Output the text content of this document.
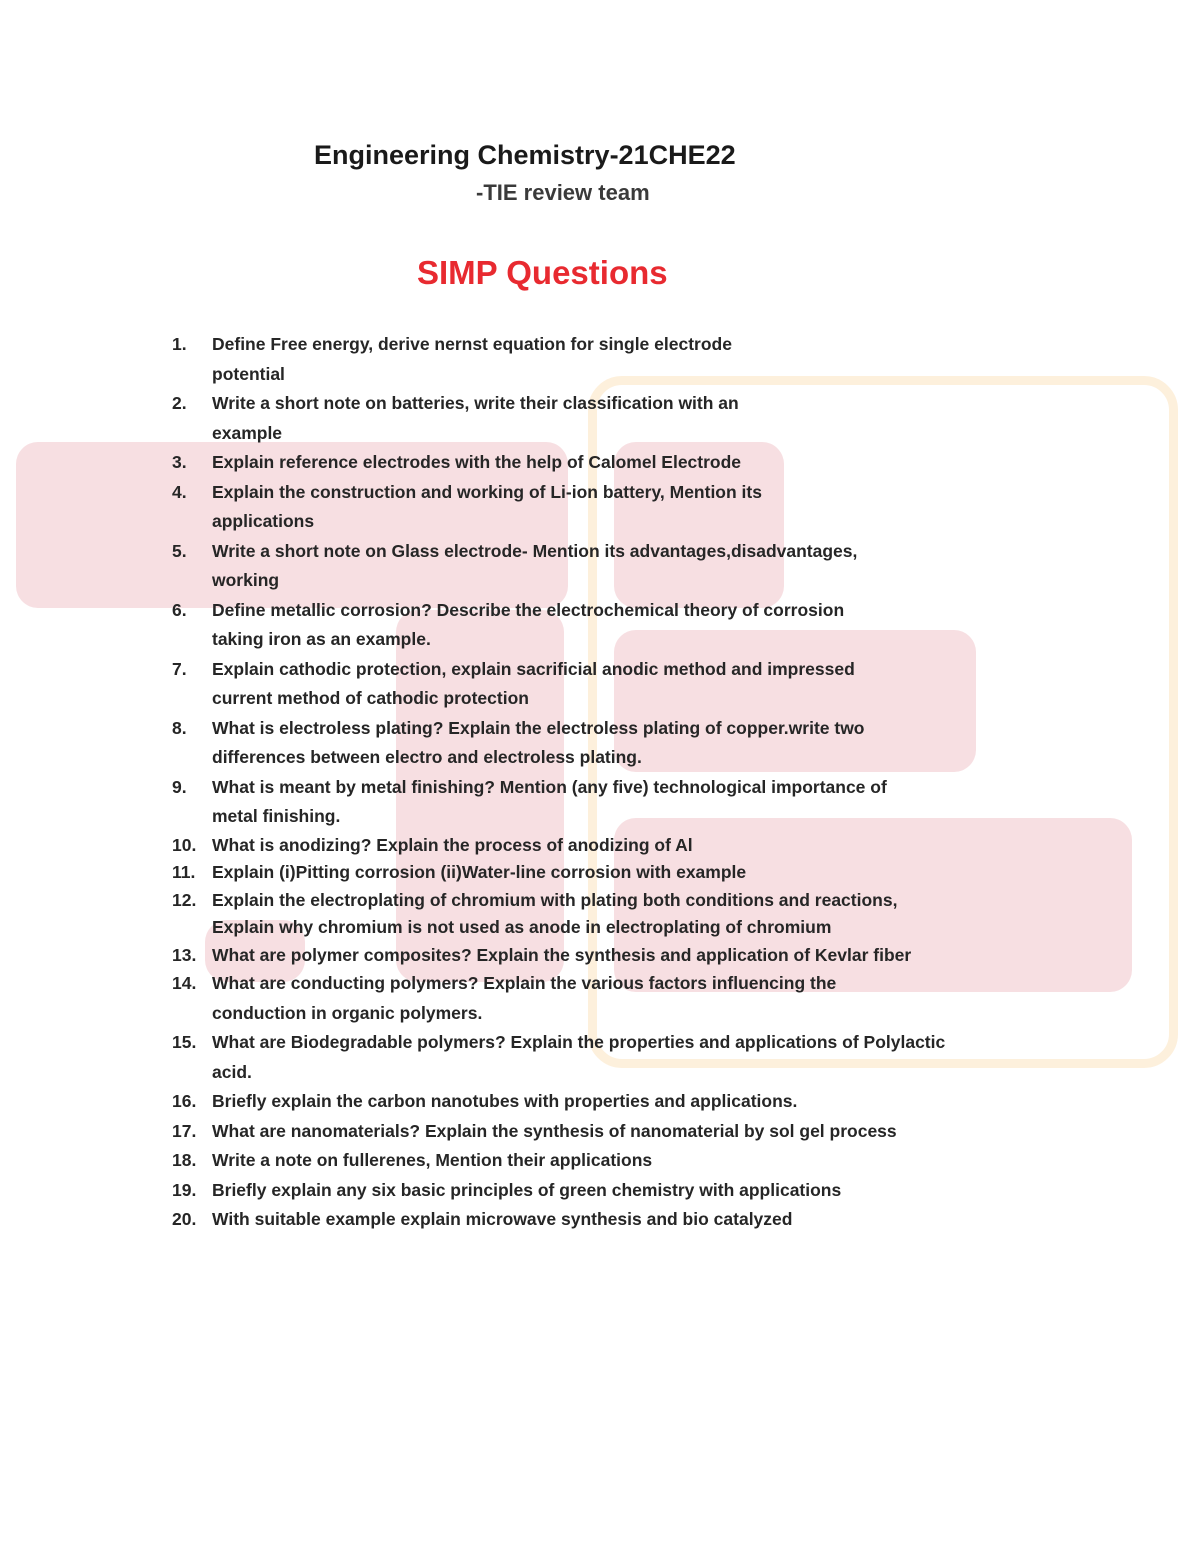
Engineering Chemistry-21CHE22
-TIE review team
SIMP Questions
1.	Define Free energy, derive nernst equation for single electrode
potential
2.	Write a short note on batteries, write their classification with an
example
3.	Explain reference electrodes with the help of Calomel Electrode
4.	Explain the construction and working of Li-ion battery, Mention its
applications
5.	Write a short note on Glass electrode- Mention its advantages,disadvantages,
working
6.	Define metallic corrosion? Describe the electrochemical theory of corrosion
taking iron as an example.
7.	Explain cathodic protection, explain sacrificial anodic method and impressed
current method of cathodic protection
8.	What is electroless plating? Explain the electroless plating of copper.write two
differences between electro and electroless plating.
9.	What is meant by metal finishing? Mention (any five) technological importance of
metal finishing.
10. What is anodizing? Explain the process of anodizing of Al
11. Explain (i)Pitting corrosion (ii)Water-line corrosion with example
12. Explain the electroplating of chromium with plating both conditions and reactions,
Explain why chromium is not used as anode in electroplating of chromium
13. What are polymer composites? Explain the synthesis and application of Kevlar fiber
14. What are conducting polymers? Explain the various factors influencing the
conduction in organic polymers.
15. What are Biodegradable polymers? Explain the properties and applications of Polylactic
acid.
16. Briefly explain the carbon nanotubes with properties and applications.
17. What are nanomaterials? Explain the synthesis of nanomaterial by sol gel process
18. Write a note on fullerenes, Mention their applications
19. Briefly explain any six basic principles of green chemistry with applications
20. With suitable example explain microwave synthesis and bio catalyzed
